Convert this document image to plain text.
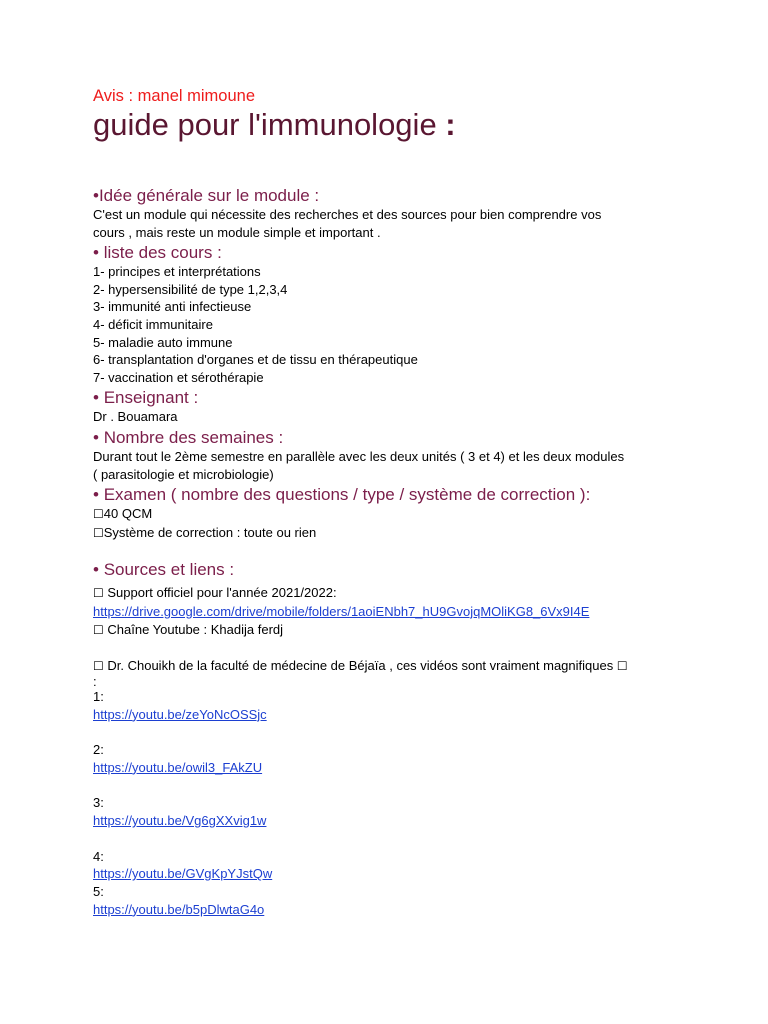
Avis : manel mimoune

guide pour l'immunologie :

•Idée générale sur le module :

C'est un module qui nécessite des recherches et des sources pour bien comprendre vos

cours , mais reste un module simple et important .

• liste des cours :

1- principes et interprétations
2- hypersensibilité de type 1,2,3,4
3- immunité anti infectieuse
4- déficit immunitaire
5- maladie auto immune
6- transplantation d'organes et de tissu en thérapeutique
7- vaccination et sérothérapie

• Enseignant :

Dr . Bouamara

• Nombre des semaines :

Durant tout le 2ème semestre en parallèle avec les deux unités ( 3 et 4) et les deux modules

( parasitologie et microbiologie)

• Examen ( nombre des questions / type / système de correction ):

☐40 QCM

☐Système de correction : toute ou rien

• Sources et liens :

☐ Support officiel pour l'année 2021/2022:

https://drive.google.com/drive/mobile/folders/1aoiENbh7_hU9GvojqMOliKG8_6Vx9I4E

☐ Chaîne Youtube : Khadija ferdj

☐ Dr. Chouikh de la faculté de médecine de Béjaïa , ces vidéos sont vraiment magnifiques ☐

:

1:

https://youtu.be/zeYoNcOSSjc

2:

https://youtu.be/owil3_FAkZU

3:

https://youtu.be/Vg6gXXvig1w

4:

https://youtu.be/GVgKpYJstQw

5:

https://youtu.be/b5pDlwtaG4o
